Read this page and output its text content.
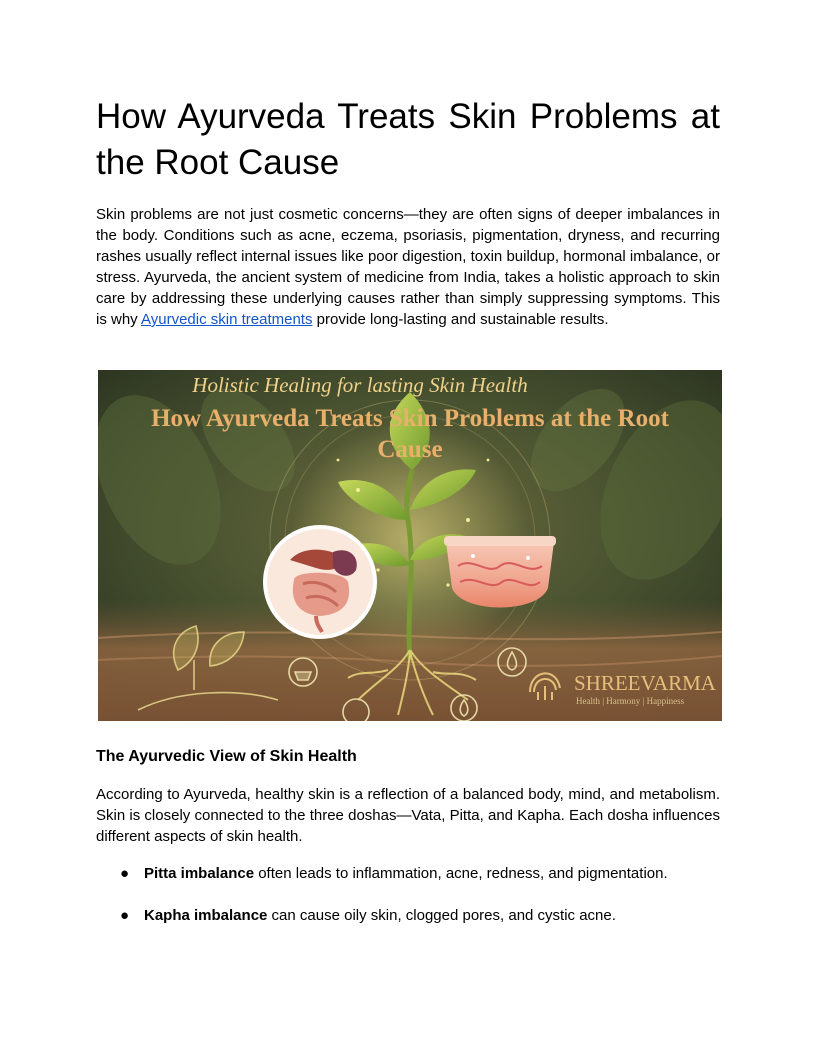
How Ayurveda Treats Skin Problems at the Root Cause

Skin problems are not just cosmetic concerns—they are often signs of deeper imbalances in the body. Conditions such as acne, eczema, psoriasis, pigmentation, dryness, and recurring rashes usually reflect internal issues like poor digestion, toxin buildup, hormonal imbalance, or stress. Ayurveda, the ancient system of medicine from India, takes a holistic approach to skin care by addressing these underlying causes rather than simply suppressing symptoms. This is why Ayurvedic skin treatments provide long-lasting and sustainable results.

SHREEVARMA
Health | Harmony | Happiness
Holistic Healing for lasting Skin Health
How Ayurveda Treats Skin Problems at the Root
Cause
The Ayurvedic View of Skin Health

According to Ayurveda, healthy skin is a reflection of a balanced body, mind, and metabolism. Skin is closely connected to the three doshas—Vata, Pitta, and Kapha. Each dosha influences different aspects of skin health.

● Pitta imbalance often leads to inflammation, acne, redness, and pigmentation.
● Kapha imbalance can cause oily skin, clogged pores, and cystic acne.
